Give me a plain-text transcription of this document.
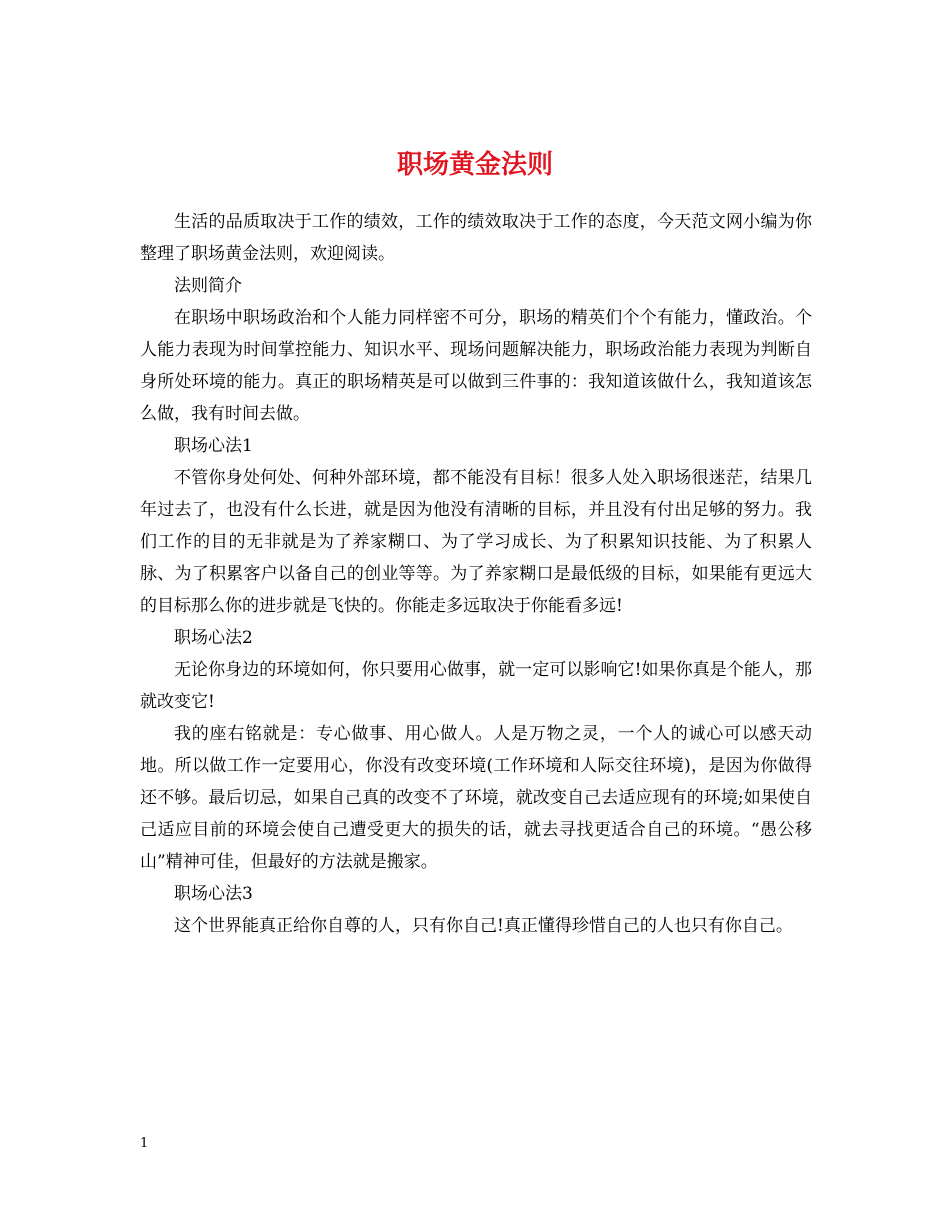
职场黄金法则

生活的品质取决于工作的绩效，工作的绩效取决于工作的态度，今天范文网小编为你整理了职场黄金法则，欢迎阅读。

法则简介

在职场中职场政治和个人能力同样密不可分，职场的精英们个个有能力，懂政治。个人能力表现为时间掌控能力、知识水平、现场问题解决能力，职场政治能力表现为判断自身所处环境的能力。真正的职场精英是可以做到三件事的：我知道该做什么，我知道该怎么做，我有时间去做。

职场心法1

不管你身处何处、何种外部环境，都不能没有目标！很多人处入职场很迷茫，结果几年过去了，也没有什么长进，就是因为他没有清晰的目标，并且没有付出足够的努力。我们工作的目的无非就是为了养家糊口、为了学习成长、为了积累知识技能、为了积累人脉、为了积累客户以备自己的创业等等。为了养家糊口是最低级的目标，如果能有更远大的目标那么你的进步就是飞快的。你能走多远取决于你能看多远!

职场心法2

无论你身边的环境如何，你只要用心做事，就一定可以影响它!如果你真是个能人，那就改变它!

我的座右铭就是：专心做事、用心做人。人是万物之灵，一个人的诚心可以感天动地。所以做工作一定要用心，你没有改变环境(工作环境和人际交往环境)，是因为你做得还不够。最后切忌，如果自己真的改变不了环境，就改变自己去适应现有的环境;如果使自己适应目前的环境会使自己遭受更大的损失的话，就去寻找更适合自己的环境。“愚公移山”精神可佳，但最好的方法就是搬家。

职场心法3

这个世界能真正给你自尊的人，只有你自己!真正懂得珍惜自己的人也只有你自己。

1
